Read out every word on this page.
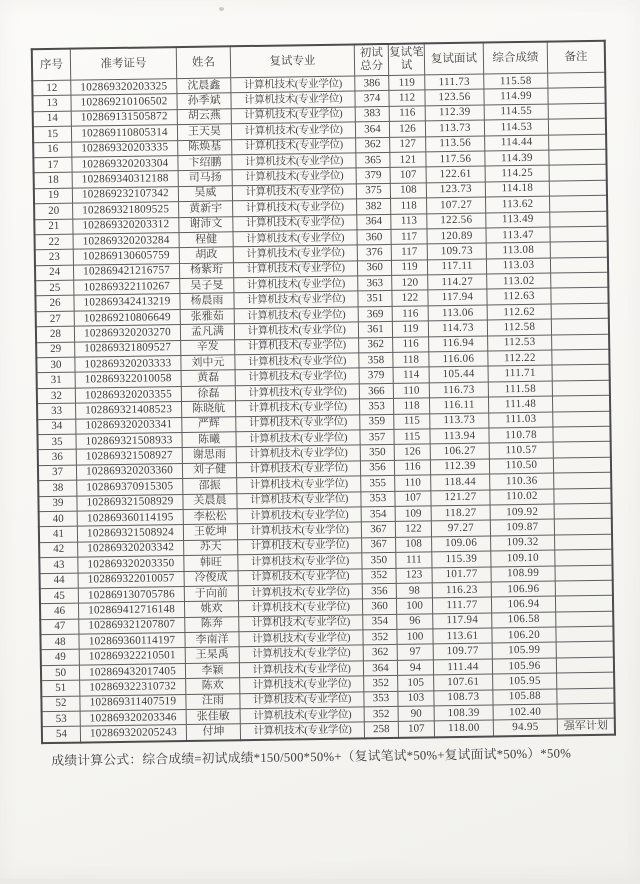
序号	准考证号	姓名	复试专业	初试总分	复试笔试	复试面试	综合成绩	备注
12	102869320203325	沈晨鑫	计算机技术(专业学位)	386	119	111.73	115.58	
13	102869210106502	孙季斌	计算机技术(专业学位)	374	112	123.56	114.99	
14	102869131505872	胡云燕	计算机技术(专业学位)	383	116	112.39	114.55	
15	102869110805314	王天昊	计算机技术(专业学位)	364	126	113.73	114.53	
16	102869320203335	陈焕基	计算机技术(专业学位)	362	127	113.56	114.44	
17	102869320203304	卞绍鹏	计算机技术(专业学位)	365	121	117.56	114.39	
18	102869340312188	司马扬	计算机技术(专业学位)	379	107	122.61	114.25	
19	102869232107342	吴威	计算机技术(专业学位)	375	108	123.73	114.18	
20	102869321809525	黄新宇	计算机技术(专业学位)	382	118	107.27	113.62	
21	102869320203312	谢沛文	计算机技术(专业学位)	364	113	122.56	113.49	
22	102869320203284	程健	计算机技术(专业学位)	360	117	120.89	113.47	
23	102869130605759	胡政	计算机技术(专业学位)	376	117	109.73	113.08	
24	102869421216757	杨紫珩	计算机技术(专业学位)	360	119	117.11	113.03	
25	102869322110267	吴子旻	计算机技术(专业学位)	363	120	114.27	113.02	
26	102869342413219	杨晨雨	计算机技术(专业学位)	351	122	117.94	112.63	
27	102869210806649	张雅茹	计算机技术(专业学位)	369	116	113.06	112.62	
28	102869320203270	孟凡满	计算机技术(专业学位)	361	119	114.73	112.58	
29	102869321809527	辛发	计算机技术(专业学位)	362	116	116.94	112.53	
30	102869320203333	刘中元	计算机技术(专业学位)	358	118	116.06	112.22	
31	102869322010058	黄磊	计算机技术(专业学位)	379	114	105.44	111.71	
32	102869320203355	徐磊	计算机技术(专业学位)	366	110	116.73	111.58	
33	102869321408523	陈晓航	计算机技术(专业学位)	353	118	116.11	111.48	
34	102869320203341	严辉	计算机技术(专业学位)	359	115	113.73	111.03	
35	102869321508933	陈曦	计算机技术(专业学位)	357	115	113.94	110.78	
36	102869321508927	谢思雨	计算机技术(专业学位)	350	126	106.27	110.57	
37	102869320203360	刘子健	计算机技术(专业学位)	356	116	112.39	110.50	
38	102869370915305	邵振	计算机技术(专业学位)	355	110	118.44	110.36	
39	102869321508929	关晨晨	计算机技术(专业学位)	353	107	121.27	110.02	
40	102869360114195	李松松	计算机技术(专业学位)	354	109	118.27	109.92	
41	102869321508924	王乾坤	计算机技术(专业学位)	367	122	97.27	109.87	
42	102869320203342	苏天	计算机技术(专业学位)	367	108	109.06	109.32	
43	102869320203350	韩旺	计算机技术(专业学位)	350	111	115.39	109.10	
44	102869322010057	冷俊成	计算机技术(专业学位)	352	123	101.77	108.99	
45	102869130705786	于向前	计算机技术(专业学位)	356	98	116.23	106.96	
46	102869412716148	姚欢	计算机技术(专业学位)	360	100	111.77	106.94	
47	102869321207807	陈奔	计算机技术(专业学位)	354	96	117.94	106.58	
48	102869360114197	李南洋	计算机技术(专业学位)	352	100	113.61	106.20	
49	102869322210501	王杲禹	计算机技术(专业学位)	362	97	109.77	105.99	
50	102869432017405	李颖	计算机技术(专业学位)	364	94	111.44	105.96	
51	102869322310732	陈欢	计算机技术(专业学位)	352	105	107.61	105.95	
52	102869311407519	汪雨	计算机技术(专业学位)	353	103	108.73	105.88	
53	102869320203346	张佳敏	计算机技术(专业学位)	352	90	108.39	102.40	
54	102869320205243	付坤	计算机技术(专业学位)	258	107	118.00	94.95	强军计划
成绩计算公式：综合成绩=初试成绩*150/500*50%+（复试笔试*50%+复试面试*50%）*50%
